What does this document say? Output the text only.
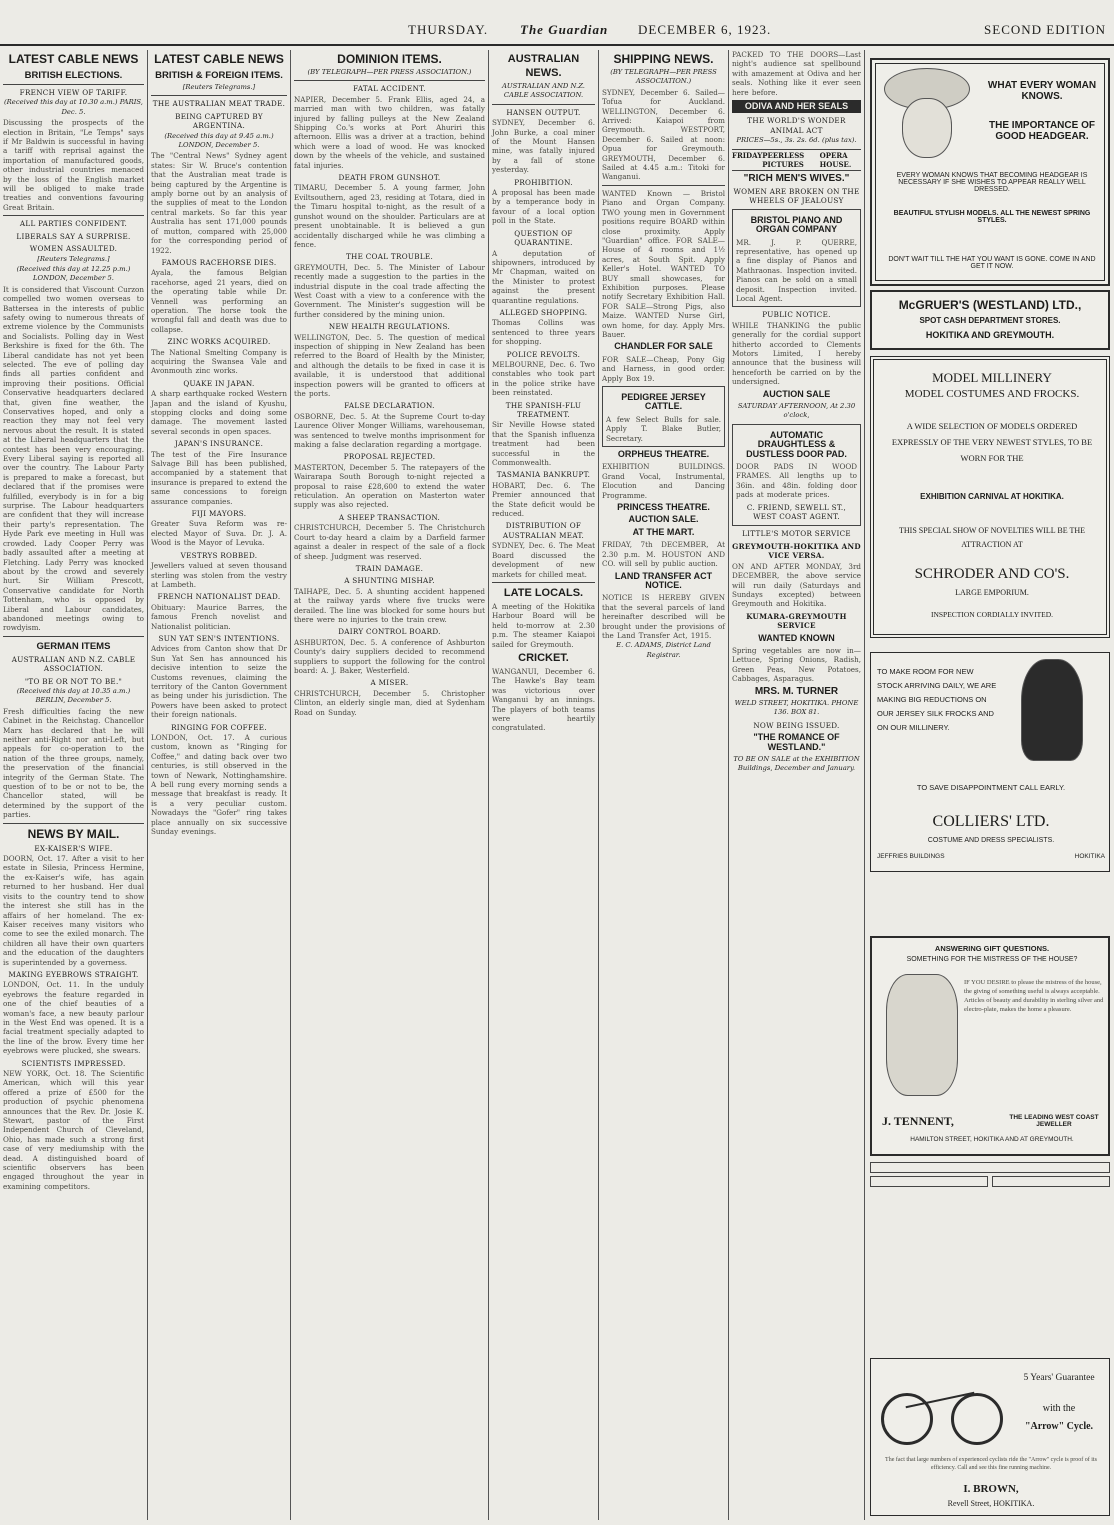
THURSDAY. The Guardian DECEMBER 6, 1923.	SECOND EDITION
LATEST CABLE NEWS
BRITISH ELECTIONS.
FRENCH VIEW OF TARIFF.
(Received this day at 10.30 a.m.) PARIS, Dec. 5.
Discussing the prospects of the election in Britain, "Le Temps" says if Mr Baldwin is successful in having a tariff with reprisal against the importation of manufactured goods, other industrial countries menaced by the loss of the English market will be obliged to make trade treaties and conventions favouring Great Britain.
ALL PARTIES CONFIDENT.
LIBERALS SAY A SURPRISE.
WOMEN ASSAULTED.
[Reuters Telegrams.]
(Received this day at 12.25 p.m.) LONDON, December 5.
It is considered that Viscount Curzon compelled two women overseas to Battersea in the interests of public safety owing to numerous threats of extreme violence by the Communists and Socialists. Polling day in West Berkshire is fixed for the 6th. The Liberal candidate has not yet been selected. The eve of polling day finds all parties confident and improving their positions. Official Conservative headquarters declared that, given fine weather, the Conservatives hoped, and only a reaction they may not feel very nervous about the result. It is stated at the Liberal headquarters that the contest has been very encouraging. Every Liberal saying is reported all over the country. The Labour Party is prepared to make a forecast, but declared that if the promises were fulfilled, everybody is in for a big surprise. The Labour headquarters are confident that they will increase their party's representation. The Hyde Park eve meeting in Hull was crowded. Lady Cooper Perry was badly assaulted after a meeting at Fletching. Lady Perry was knocked about by the crowd and severely hurt. Sir William Prescott, Conservative candidate for North Tottenham, who is opposed by Liberal and Labour candidates, abandoned meetings owing to rowdyism.
GERMAN ITEMS
AUSTRALIAN AND N.Z. CABLE ASSOCIATION.
"TO BE OR NOT TO BE."
(Received this day at 10.35 a.m.) BERLIN, December 5.
Fresh difficulties facing the new Cabinet in the Reichstag. Chancellor Marx has declared that he will neither anti-Right nor anti-Left, but appeals for co-operation to the nation of the three groups, namely, the preservation of the financial integrity of the German State. The question of to be or not to be, the Chancellor stated, will be determined by the support of the parties.
NEWS BY MAIL.
EX-KAISER'S WIFE.
DOORN, Oct. 17. After a visit to her estate in Silesia, Princess Hermine, the ex-Kaiser's wife, has again returned to her husband. Her dual visits to the country tend to show the interest she still has in the affairs of her homeland. The ex-Kaiser receives many visitors who come to see the exiled monarch. The children all have their own quarters and the education of the daughters is superintended by a governess.
MAKING EYEBROWS STRAIGHT.
LONDON, Oct. 11. In the unduly eyebrows the feature regarded in one of the chief beauties of a woman's face, a new beauty parlour in the West End was opened. It is a facial treatment specially adapted to the line of the brow. Every time her eyebrows were plucked, she swears.
SCIENTISTS IMPRESSED.
NEW YORK, Oct. 18. The Scientific American, which will this year offered a prize of £500 for the production of psychic phenomena announces that the Rev. Dr. Josie K. Stewart, pastor of the First Independent Church of Cleveland, Ohio, has made such a strong first case of very mediumship with the dead. A distinguished board of scientific observers has been engaged throughout the year in examining competitors.
LATEST CABLE NEWS
BRITISH & FOREIGN ITEMS.
[Reuters Telegrams.]
THE AUSTRALIAN MEAT TRADE.
BEING CAPTURED BY ARGENTINA.
(Received this day at 9.45 a.m.) LONDON, December 5.
The "Central News" Sydney agent states: Sir W. Bruce's contention that the Australian meat trade is being captured by the Argentine is amply borne out by an analysis of the supplies of meat to the London central markets. So far this year Australia has sent 171,000 pounds of mutton, compared with 25,000 for the corresponding period of 1922.
FAMOUS RACEHORSE DIES.
Ayala, the famous Belgian racehorse, aged 21 years, died on the operating table while Dr. Vennell was performing an operation. The horse took the wrongful fall and death was due to collapse.
ZINC WORKS ACQUIRED.
The National Smelting Company is acquiring the Swansea Vale and Avonmouth zinc works.
QUAKE IN JAPAN.
A sharp earthquake rocked Western Japan and the island of Kyushu, stopping clocks and doing some damage. The movement lasted several seconds in open spaces.
JAPAN'S INSURANCE.
The test of the Fire Insurance Salvage Bill has been published, accompanied by a statement that insurance is prepared to extend the same concessions to foreign assurance companies.
FIJI MAYORS.
Greater Suva Reform was re-elected Mayor of Suva. Dr. J. A. Wood is the Mayor of Levuka.
VESTRYS ROBBED.
Jewellers valued at seven thousand sterling was stolen from the vestry at Lambeth.
FRENCH NATIONALIST DEAD.
Obituary: Maurice Barres, the famous French novelist and Nationalist politician.
SUN YAT SEN'S INTENTIONS.
Advices from Canton show that Dr Sun Yat Sen has announced his decisive intention to seize the Customs revenues, claiming the territory of the Canton Government as being under his jurisdiction. The Powers have been asked to protect their foreign nationals.
RINGING FOR COFFEE.
LONDON, Oct. 17. A curious custom, known as "Ringing for Coffee," and dating back over two centuries, is still observed in the town of Newark, Nottinghamshire. A bell rung every morning sends a message that breakfast is ready. It is a very peculiar custom. Nowadays the "Gofer" ring takes place annually on six successive Sunday evenings.
DOMINION ITEMS.
(BY TELEGRAPH—PER PRESS ASSOCIATION.)
FATAL ACCIDENT.
NAPIER, December 5. Frank Ellis, aged 24, a married man with two children, was fatally injured by falling pulleys at the New Zealand Shipping Co.'s works at Port Ahuriri this afternoon. Ellis was a driver at a traction, behind which were a load of wood. He was knocked down by the wheels of the vehicle, and sustained fatal injuries.
DEATH FROM GUNSHOT.
TIMARU, December 5. A young farmer, John Eviltsouthern, aged 23, residing at Totara, died in the Timaru hospital to-night, as the result of a gunshot wound on the shoulder. Particulars are at present unobtainable. It is believed a gun accidentally discharged while he was climbing a fence.
THE COAL TROUBLE.
GREYMOUTH, Dec. 5. The Minister of Labour recently made a suggestion to the parties in the industrial dispute in the coal trade affecting the West Coast with a view to a conference with the Government. The Minister's suggestion will be further considered by the mining union.
NEW HEALTH REGULATIONS.
WELLINGTON, Dec. 5. The question of medical inspection of shipping in New Zealand has been referred to the Board of Health by the Minister, and although the details to be fixed in case it is available, it is understood that additional inspection powers will be granted to officers at the ports.
FALSE DECLARATION.
OSBORNE, Dec. 5. At the Supreme Court to-day Laurence Oliver Monger Williams, warehouseman, was sentenced to twelve months imprisonment for making a false declaration regarding a mortgage.
PROPOSAL REJECTED.
MASTERTON, December 5. The ratepayers of the Wairarapa South Borough to-night rejected a proposal to raise £28,600 to extend the water reticulation. An operation on Masterton water supply was also rejected.
A SHEEP TRANSACTION.
CHRISTCHURCH, December 5. The Christchurch Court to-day heard a claim by a Darfield farmer against a dealer in respect of the sale of a flock of sheep. Judgment was reserved.
TRAIN DAMAGE.
A SHUNTING MISHAP.
TAIHAPE, Dec. 5. A shunting accident happened at the railway yards where five trucks were derailed. The line was blocked for some hours but there were no injuries to the train crew.
DAIRY CONTROL BOARD.
ASHBURTON, Dec. 5. A conference of Ashburton County's dairy suppliers decided to recommend suppliers to support the following for the control board: A. J. Baker, Westerfield.
A MISER.
CHRISTCHURCH, December 5. Christopher Clinton, an elderly single man, died at Sydenham Road on Sunday.
AUSTRALIAN NEWS.
AUSTRALIAN AND N.Z. CABLE ASSOCIATION.
HANSEN OUTPUT.
SYDNEY, December 6. John Burke, a coal miner of the Mount Hansen mine, was fatally injured by a fall of stone yesterday.
PROHIBITION.
A proposal has been made by a temperance body in favour of a local option poll in the State.
QUESTION OF QUARANTINE.
A deputation of shipowners, introduced by Mr Chapman, waited on the Minister to protest against the present quarantine regulations.
ALLEGED SHOPPING.
Thomas Collins was sentenced to three years for shopping.
POLICE REVOLTS.
MELBOURNE, Dec. 6. Two constables who took part in the police strike have been reinstated.
THE SPANISH-FLU TREATMENT.
Sir Neville Howse stated that the Spanish influenza treatment had been successful in the Commonwealth.
TASMANIA BANKRUPT.
HOBART, Dec. 6. The Premier announced that the State deficit would be reduced.
DISTRIBUTION OF AUSTRALIAN MEAT.
SYDNEY, Dec. 6. The Meat Board discussed the development of new markets for chilled meat.
LATE LOCALS.
A meeting of the Hokitika Harbour Board will be held to-morrow at 2.30 p.m. The steamer Kaiapoi sailed for Greymouth.
CRICKET.
WANGANUI, December 6. The Hawke's Bay team was victorious over Wanganui by an innings. The players of both teams were heartily congratulated.
SHIPPING NEWS.
(BY TELEGRAPH—PER PRESS ASSOCIATION.)
SYDNEY, December 6. Sailed—Tofua for Auckland. WELLINGTON, December 6. Arrived: Kaiapoi from Greymouth. WESTPORT, December 6. Sailed at noon: Opua for Greymouth. GREYMOUTH, December 6. Sailed at 4.45 a.m.: Titoki for Wanganui.
WANTED Known — Bristol Piano and Organ Company. TWO young men in Government positions require BOARD within close proximity. Apply "Guardian" office. FOR SALE—House of 4 rooms and 1½ acres, at South Spit. Apply Keller's Hotel. WANTED TO BUY small showcases, for Exhibition purposes. Please notify Secretary Exhibition Hall. FOR SALE—Strong Pigs, also Maize. WANTED Nurse Girl, own home, for day. Apply Mrs. Bauer.
CHANDLER FOR SALE
FOR SALE—Cheap, Pony Gig and Harness, in good order. Apply Box 19.
PEDIGREE JERSEY CATTLE.
A few Select Bulls for sale. Apply T. Blake Butler, Secretary.
ORPHEUS THEATRE.
EXHIBITION BUILDINGS. Grand Vocal, Instrumental, Elocution and Dancing Programme.
PRINCESS THEATRE.
AUCTION SALE.
AT THE MART.
FRIDAY, 7th DECEMBER, At 2.30 p.m. M. HOUSTON AND CO. will sell by public auction.
LAND TRANSFER ACT NOTICE.
NOTICE IS HEREBY GIVEN that the several parcels of land hereinafter described will be brought under the provisions of the Land Transfer Act, 1915.
E. C. ADAMS, District Land Registrar.
PACKED TO THE DOORS—Last night's audience sat spellbound with amazement at Odiva and her seals. Nothing like it ever seen here before.
ODIVA AND HER SEALS
THE WORLD'S WONDER ANIMAL ACT
PRICES—5s., 3s. 2s. 6d. (plus tax).
FRIDAY PEERLESS PICTURES
OPERA HOUSE.
"RICH MEN'S WIVES."
WOMEN ARE BROKEN ON THE WHEELS OF JEALOUSY
BRISTOL PIANO AND ORGAN COMPANY
MR. J. P. QUERRE, representative, has opened up a fine display of Pianos and Mathraonas. Inspection invited. Pianos can be sold on a small deposit. Inspection invited. Local Agent.
PUBLIC NOTICE.
WHILE THANKING the public generally for the cordial support hitherto accorded to Clements Motors Limited, I hereby announce that the business will henceforth be carried on by the undersigned.
AUCTION SALE
SATURDAY AFTERNOON, At 2.30 o'clock,
AUTOMATIC DRAUGHTLESS & DUSTLESS DOOR PAD.
DOOR PADS IN WOOD FRAMES. All lengths up to 36in. and 48in. folding door pads at moderate prices.
C. FRIEND, SEWELL ST., WEST COAST AGENT.
LITTLE'S MOTOR SERVICE
GREYMOUTH-HOKITIKA AND VICE VERSA.
ON AND AFTER MONDAY, 3rd DECEMBER, the above service will run daily (Saturdays and Sundays excepted) between Greymouth and Hokitika.
KUMARA-GREYMOUTH SERVICE
WANTED KNOWN
Spring vegetables are now in—Lettuce, Spring Onions, Radish, Green Peas, New Potatoes, Cabbages, Asparagus.
MRS. M. TURNER
WELD STREET, HOKITIKA. PHONE 136. BOX 81.
NOW BEING ISSUED.
"THE ROMANCE OF WESTLAND."
TO BE ON SALE at the EXHIBITION Buildings, December and January.
WHAT EVERY WOMAN KNOWS.
THE IMPORTANCE OF GOOD HEADGEAR.
EVERY WOMAN KNOWS THAT BECOMING HEADGEAR IS NECESSARY IF SHE WISHES TO APPEAR REALLY WELL DRESSED.
BEAUTIFUL STYLISH MODELS. ALL THE NEWEST SPRING STYLES.
DON'T WAIT TILL THE HAT YOU WANT IS GONE. COME IN AND GET IT NOW.
McGRUER'S (WESTLAND) LTD.,
SPOT CASH DEPARTMENT STORES.
HOKITIKA AND GREYMOUTH.
MODEL MILLINERY
MODEL COSTUMES AND FROCKS.
A WIDE SELECTION OF MODELS ORDERED EXPRESSLY OF THE VERY NEWEST STYLES, TO BE WORN FOR THE
EXHIBITION CARNIVAL AT HOKITIKA.
THIS SPECIAL SHOW OF NOVELTIES WILL BE THE ATTRACTION AT
SCHRODER AND CO'S.
LARGE EMPORIUM.
INSPECTION CORDIALLY INVITED.
TO MAKE ROOM FOR NEW STOCK ARRIVING DAILY, WE ARE MAKING BIG REDUCTIONS ON OUR JERSEY SILK FROCKS AND ON OUR MILLINERY.
TO SAVE DISAPPOINTMENT CALL EARLY.
COLLIERS' LTD.
COSTUME AND DRESS SPECIALISTS.
JEFFRIES BUILDINGS	HOKITIKA
ANSWERING GIFT QUESTIONS.
SOMETHING FOR THE MISTRESS OF THE HOUSE?
IF YOU DESIRE to please the mistress of the house, the giving of something useful is always acceptable. Articles of beauty and durability in sterling silver and electro-plate, makes the home a pleasure.
J. TENNENT,	THE LEADING WEST COAST JEWELLER
HAMILTON STREET, HOKITIKA AND AT GREYMOUTH.
5 Years' Guarantee
with the
"Arrow" Cycle.
The fact that large numbers of experienced cyclists ride the "Arrow" cycle is proof of its efficiency. Call and see this fine running machine.
I. BROWN,
Revell Street, HOKITIKA.
